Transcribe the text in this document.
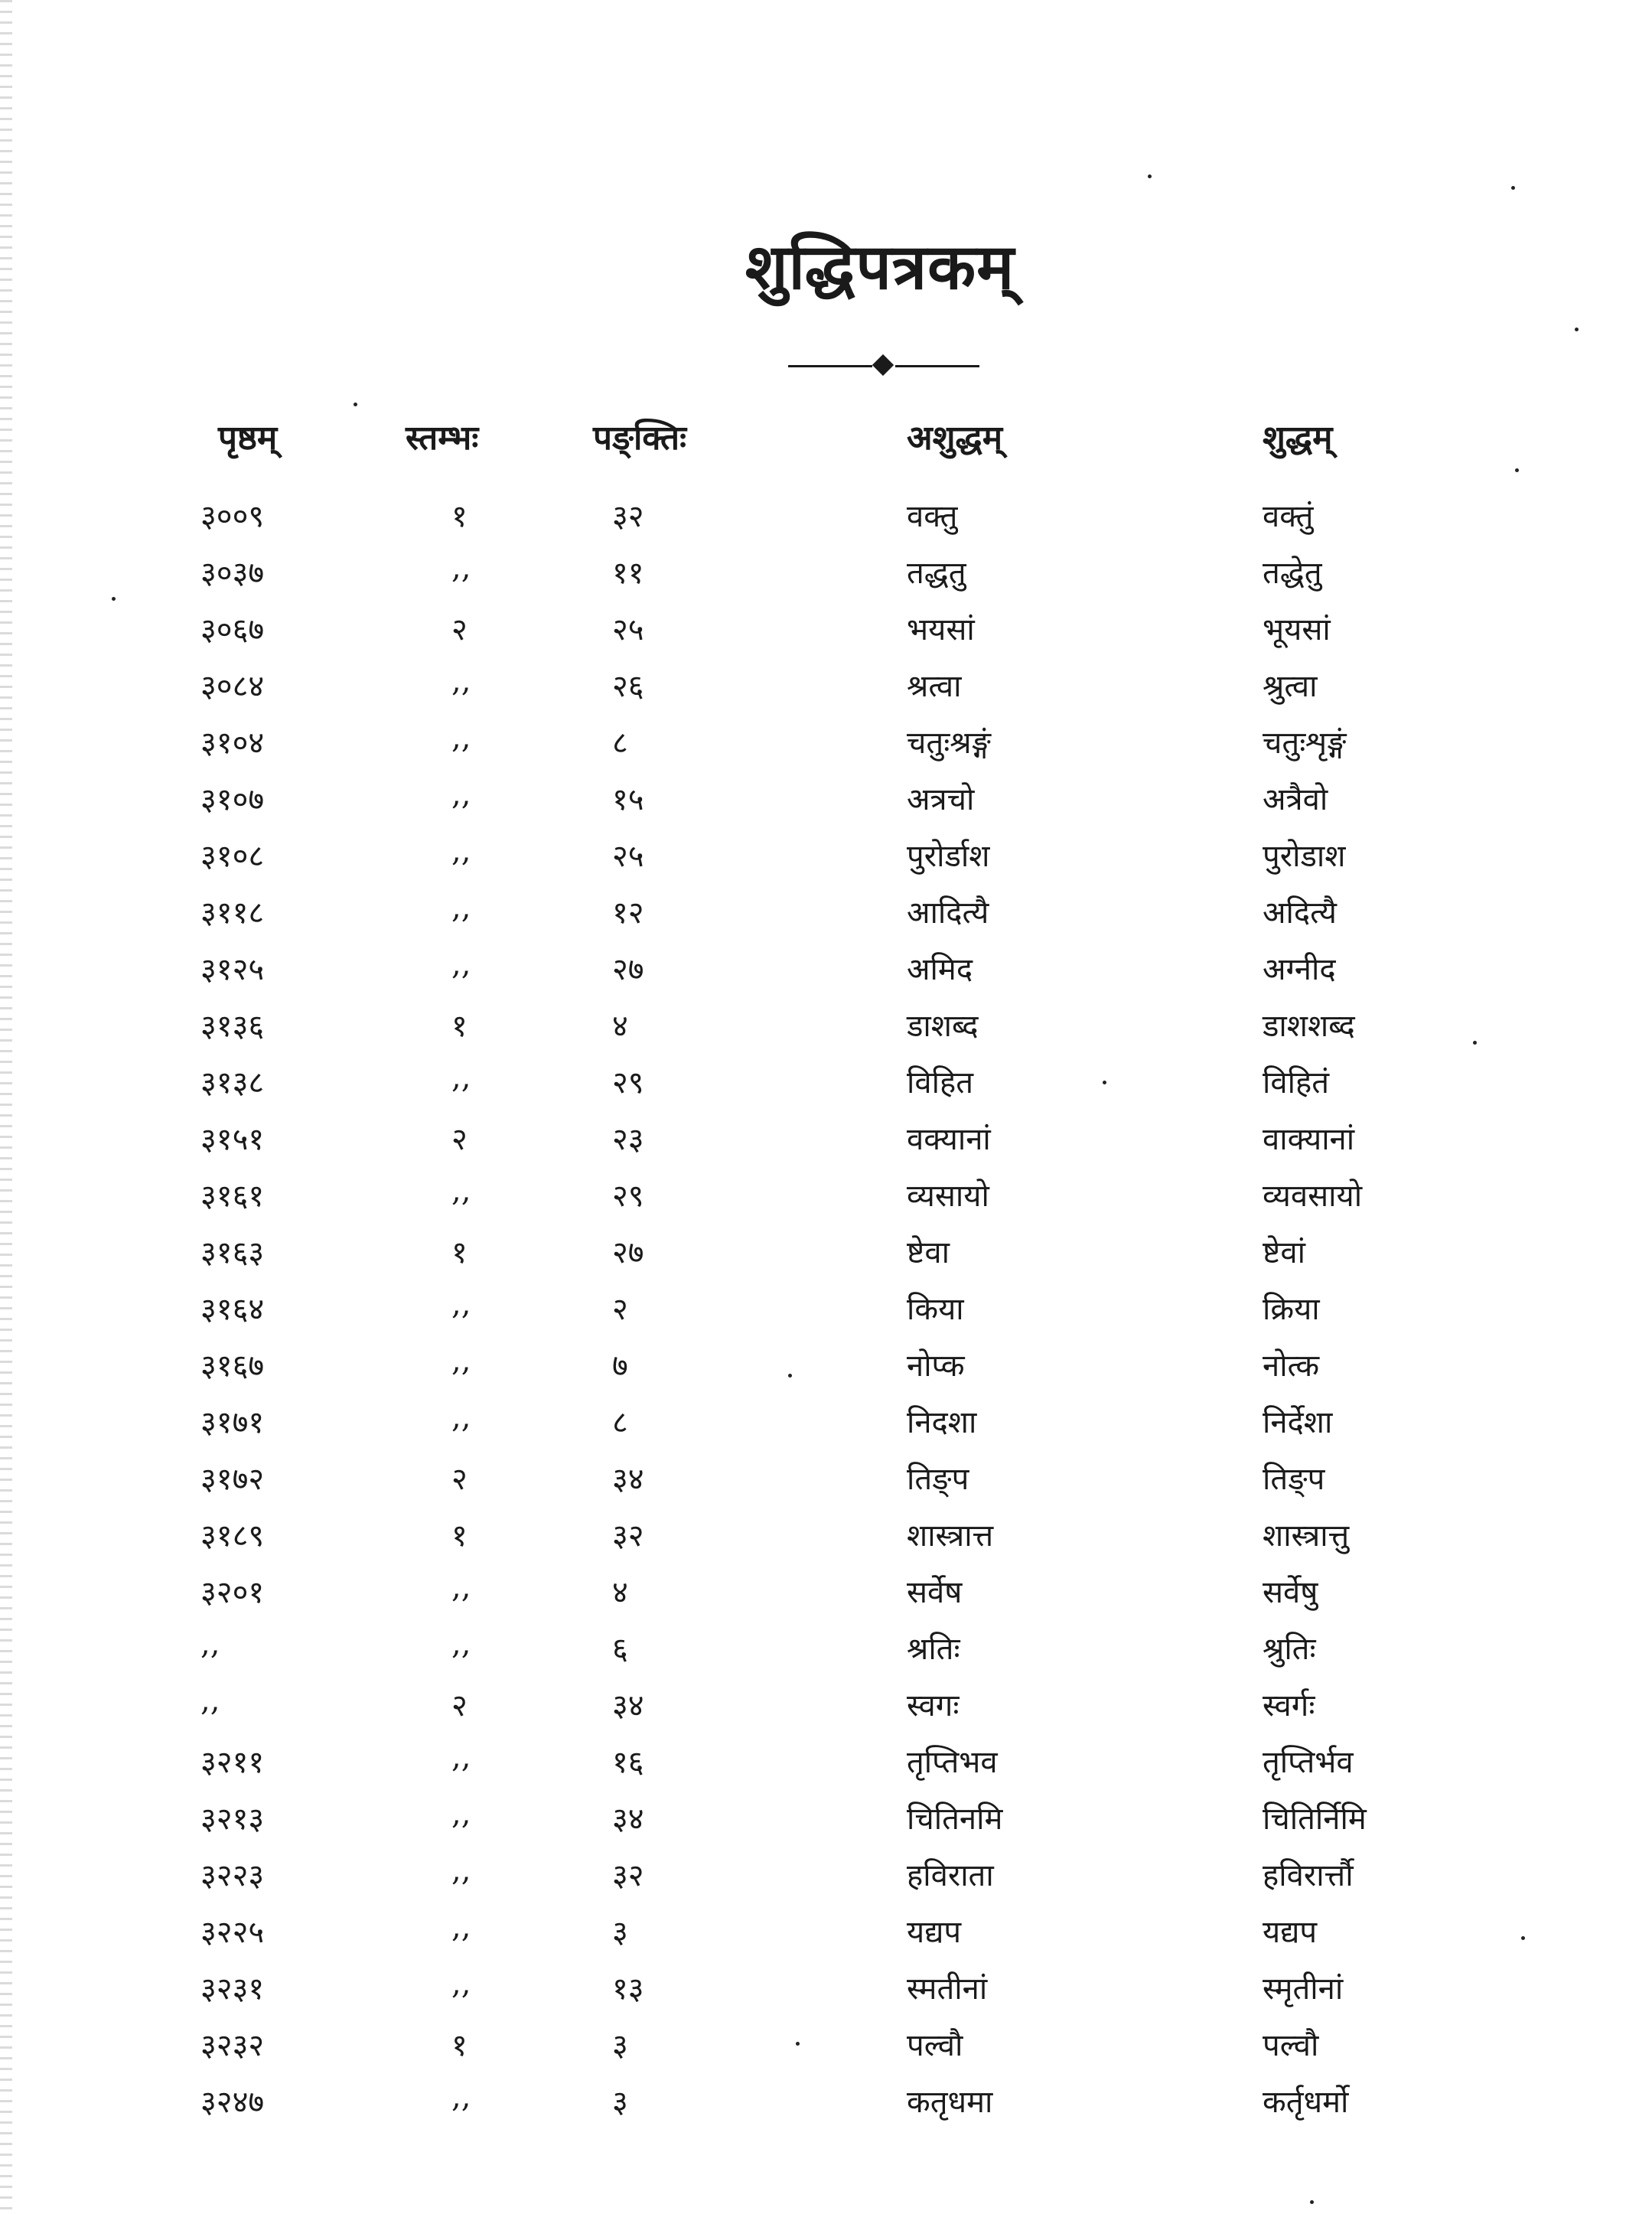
शुद्धिपत्रकम्
पृष्ठम्	स्तम्भः	पङ्क्तिः	अशुद्धम्	शुद्धम्
३००९	१	३२	वक्तु	वक्तुं
३०३७	,,	११	तद्धतु	तद्धेतु
३०६७	२	२५	भयसां	भूयसां
३०८४	,,	२६	श्रत्वा	श्रुत्वा
३१०४	,,	८	चतुःश्रङ्गं	चतुःशृङ्गं
३१०७	,,	१५	अत्रचो	अत्रैवो
३१०८	,,	२५	पुरोर्डाश	पुरोडाश
३११८	,,	१२	आदित्यै	अदित्यै
३१२५	,,	२७	अमिद	अग्नीद
३१३६	१	४	डाशब्द	डाशशब्द
३१३८	,,	२९	विहित	विहितं
३१५१	२	२३	वक्यानां	वाक्यानां
३१६१	,,	२९	व्यसायो	व्यवसायो
३१६३	१	२७	ष्टेवा	ष्टेवां
३१६४	,,	२	किया	क्रिया
३१६७	,,	७	नोप्क	नोत्क
३१७१	,,	८	निदशा	निर्देशा
३१७२	२	३४	तिङ्प	तिङ्प
३१८९	१	३२	शास्त्रात्त	शास्त्रात्तु
३२०१	,,	४	सर्वेष	सर्वेषु
,,	,,	६	श्रतिः	श्रुतिः
,,	२	३४	स्वगः	स्वर्गः
३२११	,,	१६	तृप्तिभव	तृप्तिर्भव
३२१३	,,	३४	चितिनमि	चितिर्निमि
३२२३	,,	३२	हविराता	हविरार्त्तौ
३२२५	,,	३	यद्यप	यद्यप
३२३१	,,	१३	स्मतीनां	स्मृतीनां
३२३२	१	३	पल्वौ	पल्वौ
३२४७	,,	३	कतृधमा	कर्तृधर्मो
